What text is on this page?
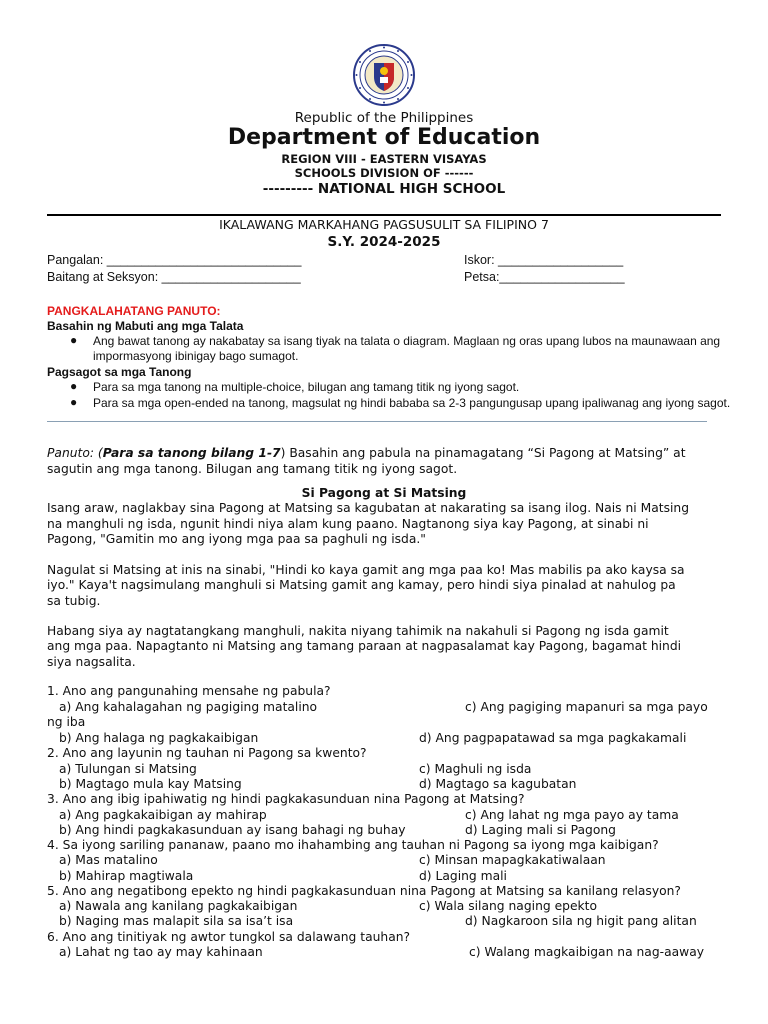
Republic of the Philippines
Department of Education
REGION VIII - EASTERN VISAYAS
SCHOOLS DIVISION OF ------
--------- NATIONAL HIGH SCHOOL
IKALAWANG MARKAHANG PAGSUSULIT SA FILIPINO 7
S.Y. 2024-2025
Pangalan: ____________________________	Iskor: __________________
Baitang at Seksyon: ____________________	Petsa:__________________
PANGKALAHATANG PANUTO:
Basahin ng Mabuti ang mga Talata
● Ang bawat tanong ay nakabatay sa isang tiyak na talata o diagram. Maglaan ng oras upang lubos na maunawaan ang
impormasyong ibinigay bago sumagot.
Pagsagot sa mga Tanong
● Para sa mga tanong na multiple-choice, bilugan ang tamang titik ng iyong sagot.
● Para sa mga open-ended na tanong, magsulat ng hindi bababa sa 2-3 pangungusap upang ipaliwanag ang iyong sagot.
Panuto: (Para sa tanong bilang 1-7) Basahin ang pabula na pinamagatang “Si Pagong at Matsing” at
sagutin ang mga tanong. Bilugan ang tamang titik ng iyong sagot.
Si Pagong at Si Matsing
Isang araw, naglakbay sina Pagong at Matsing sa kagubatan at nakarating sa isang ilog. Nais ni Matsing
na manghuli ng isda, ngunit hindi niya alam kung paano. Nagtanong siya kay Pagong, at sinabi ni
Pagong, "Gamitin mo ang iyong mga paa sa paghuli ng isda."
Nagulat si Matsing at inis na sinabi, "Hindi ko kaya gamit ang mga paa ko! Mas mabilis pa ako kaysa sa
iyo." Kaya't nagsimulang manghuli si Matsing gamit ang kamay, pero hindi siya pinalad at nahulog pa
sa tubig.
Habang siya ay nagtatangkang manghuli, nakita niyang tahimik na nakahuli si Pagong ng isda gamit
ang mga paa. Napagtanto ni Matsing ang tamang paraan at nagpasalamat kay Pagong, bagamat hindi
siya nagsalita.
1. Ano ang pangunahing mensahe ng pabula?
a) Ang kahalagahan ng pagiging matalino	c) Ang pagiging mapanuri sa mga payo
ng iba
b) Ang halaga ng pagkakaibigan	d) Ang pagpapatawad sa mga pagkakamali
2. Ano ang layunin ng tauhan ni Pagong sa kwento?
a) Tulungan si Matsing	c) Maghuli ng isda
b) Magtago mula kay Matsing	d) Magtago sa kagubatan
3. Ano ang ibig ipahiwatig ng hindi pagkakasunduan nina Pagong at Matsing?
a) Ang pagkakaibigan ay mahirap	c) Ang lahat ng mga payo ay tama
b) Ang hindi pagkakasunduan ay isang bahagi ng buhay	d) Laging mali si Pagong
4. Sa iyong sariling pananaw, paano mo ihahambing ang tauhan ni Pagong sa iyong mga kaibigan?
a) Mas matalino	c) Minsan mapagkakatiwalaan
b) Mahirap magtiwala	d) Laging mali
5. Ano ang negatibong epekto ng hindi pagkakasunduan nina Pagong at Matsing sa kanilang relasyon?
a) Nawala ang kanilang pagkakaibigan	c) Wala silang naging epekto
b) Naging mas malapit sila sa isa’t isa	d) Nagkaroon sila ng higit pang alitan
6. Ano ang tinitiyak ng awtor tungkol sa dalawang tauhan?
a) Lahat ng tao ay may kahinaan	c) Walang magkaibigan na nag-aaway
